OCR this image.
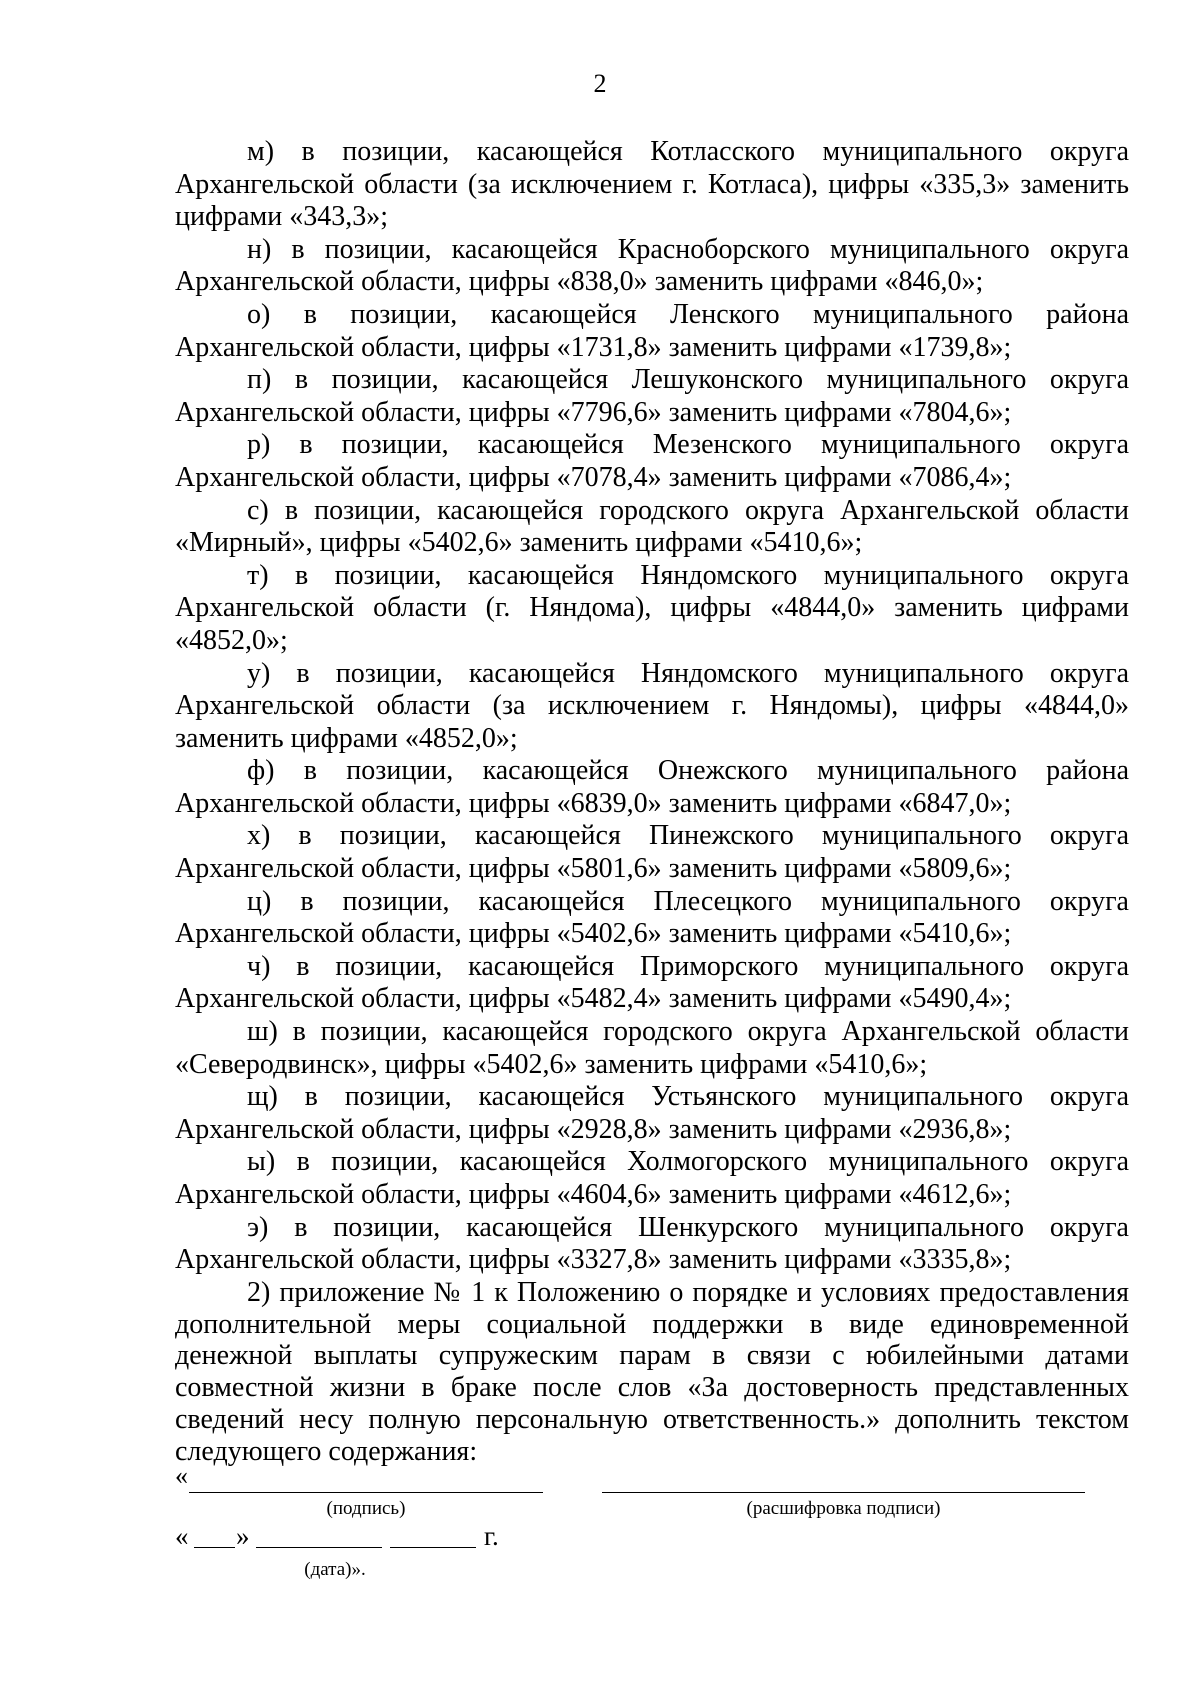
2

м) в позиции, касающейся Котласского муниципального округа Архангельской области (за исключением г. Котласа), цифры «335,3» заменить цифрами «343,3»;

н) в позиции, касающейся Красноборского муниципального округа Архангельской области, цифры «838,0» заменить цифрами «846,0»;

о) в позиции, касающейся Ленского муниципального района Архангельской области, цифры «1731,8» заменить цифрами «1739,8»;

п) в позиции, касающейся Лешуконского муниципального округа Архангельской области, цифры «7796,6» заменить цифрами «7804,6»;

р) в позиции, касающейся Мезенского муниципального округа Архангельской области, цифры «7078,4» заменить цифрами «7086,4»;

с) в позиции, касающейся городского округа Архангельской области «Мирный», цифры «5402,6» заменить цифрами «5410,6»;

т) в позиции, касающейся Няндомского муниципального округа Архангельской области (г. Няндома), цифры «4844,0» заменить цифрами «4852,0»;

у) в позиции, касающейся Няндомского муниципального округа Архангельской области (за исключением г. Няндомы), цифры «4844,0» заменить цифрами «4852,0»;

ф) в позиции, касающейся Онежского муниципального района Архангельской области, цифры «6839,0» заменить цифрами «6847,0»;

х) в позиции, касающейся Пинежского муниципального округа Архангельской области, цифры «5801,6» заменить цифрами «5809,6»;

ц) в позиции, касающейся Плесецкого муниципального округа Архангельской области, цифры «5402,6» заменить цифрами «5410,6»;

ч) в позиции, касающейся Приморского муниципального округа Архангельской области, цифры «5482,4» заменить цифрами «5490,4»;

ш) в позиции, касающейся городского округа Архангельской области «Северодвинск», цифры «5402,6» заменить цифрами «5410,6»;

щ) в позиции, касающейся Устьянского муниципального округа Архангельской области, цифры «2928,8» заменить цифрами «2936,8»;

ы) в позиции, касающейся Холмогорского муниципального округа Архангельской области, цифры «4604,6» заменить цифрами «4612,6»;

э) в позиции, касающейся Шенкурского муниципального округа Архангельской области, цифры «3327,8» заменить цифрами «3335,8»;

2) приложение № 1 к Положению о порядке и условиях предоставления дополнительной меры социальной поддержки в виде единовременной денежной выплаты супружеским парам в связи с юбилейными датами совместной жизни в браке после слов «За достоверность представленных сведений несу полную персональную ответственность.» дополнить текстом следующего содержания:

«
(подпись)	(расшифровка подписи)
« »	г.
(дата)».
